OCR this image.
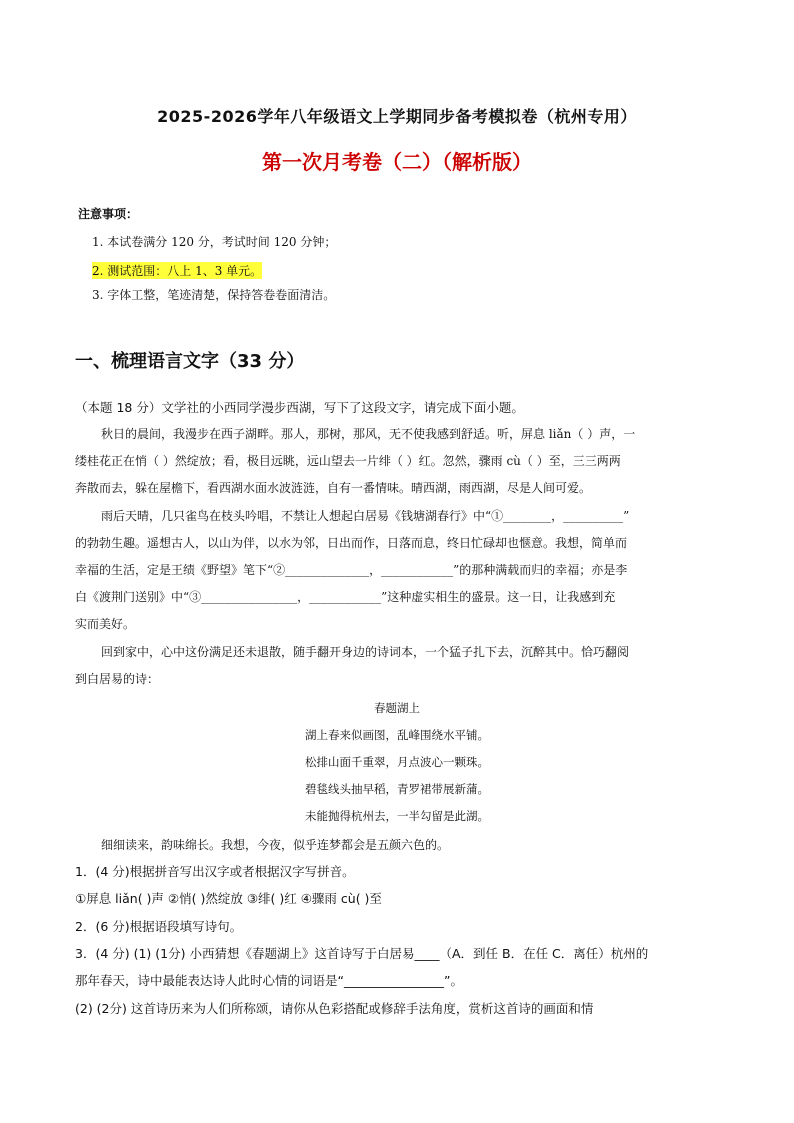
2025-2026学年八年级语文上学期同步备考模拟卷（杭州专用）
第一次月考卷（二）（解析版）
注意事项：
1. 本试卷满分 120 分，考试时间 120 分钟；
2. 测试范围：八上 1、3 单元。
3. 字体工整，笔迹清楚，保持答卷卷面清洁。
一、梳理语言文字（33 分）
（本题 18 分）文学社的小西同学漫步西湖，写下了这段文字，请完成下面小题。
秋日的晨间，我漫步在西子湖畔。那人，那树，那风，无不使我感到舒适。听，屏息 liǎn（ ）声，一
缕桂花正在悄（ ）然绽放；看，极目远眺，远山望去一片绯（ ）红。忽然，骤雨 cù（ ）至，三三两两
奔散而去，躲在屋檐下，看西湖水面水波涟涟，自有一番情味。晴西湖，雨西湖，尽是人间可爱。
雨后天晴，几只雀鸟在枝头吟唱，不禁让人想起白居易《钱塘湖春行》中“①________，__________”
的勃勃生趣。遥想古人，以山为伴，以水为邻，日出而作，日落而息，终日忙碌却也惬意。我想，简单而
幸福的生活，定是王绩《野望》笔下“②______________，____________”的那种满载而归的幸福；亦是李
白《渡荆门送别》中“③________________，____________”这种虚实相生的盛景。这一日，让我感到充
实而美好。
回到家中，心中这份满足还未退散，随手翻开身边的诗词本，一个猛子扎下去，沉醉其中。恰巧翻阅
到白居易的诗：
春题湖上
湖上春来似画图，乱峰围绕水平铺。
松排山面千重翠，月点波心一颗珠。
碧毯线头抽早稻，青罗裙带展新蒲。
未能抛得杭州去，一半勾留是此湖。
细细读来，韵味绵长。我想，今夜，似乎连梦都会是五颜六色的。
1．(4 分)根据拼音写出汉字或者根据汉字写拼音。
①屏息 liǎn( )声 ②悄( )然绽放 ③绯( )红 ④骤雨 cù( )至
2．(6 分)根据语段填写诗句。
3．(4 分) (1) (1分) 小西猜想《春题湖上》这首诗写于白居易____（A．到任 B．在任 C．离任）杭州的
那年春天，诗中最能表达诗人此时心情的词语是“________________”。
(2) (2分) 这首诗历来为人们所称颂，请你从色彩搭配或修辞手法角度，赏析这首诗的画面和情
